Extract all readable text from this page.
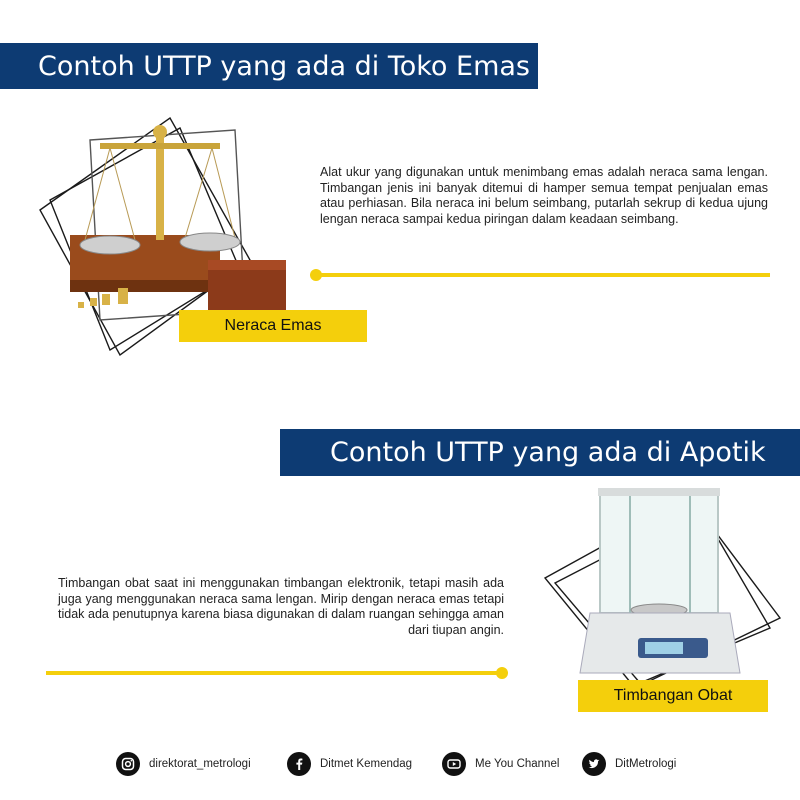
Contoh UTTP yang ada di Toko Emas
Alat ukur yang digunakan untuk menimbang emas adalah neraca sama lengan. Timbangan jenis ini banyak ditemui di hamper semua tempat penjualan emas atau perhiasan. Bila neraca ini belum seimbang, putarlah sekrup di kedua ujung lengan neraca sampai kedua piringan dalam keadaan seimbang.
Neraca Emas
Contoh UTTP yang ada di Apotik
Timbangan obat saat ini menggunakan timbangan elektronik, tetapi masih ada juga yang menggunakan neraca sama lengan. Mirip dengan neraca emas tetapi tidak ada penutupnya karena biasa digunakan di dalam ruangan sehingga aman dari tiupan angin.
Timbangan Obat
direktorat_metrologi	Ditmet Kemendag	Me You Channel	DitMetrologi
